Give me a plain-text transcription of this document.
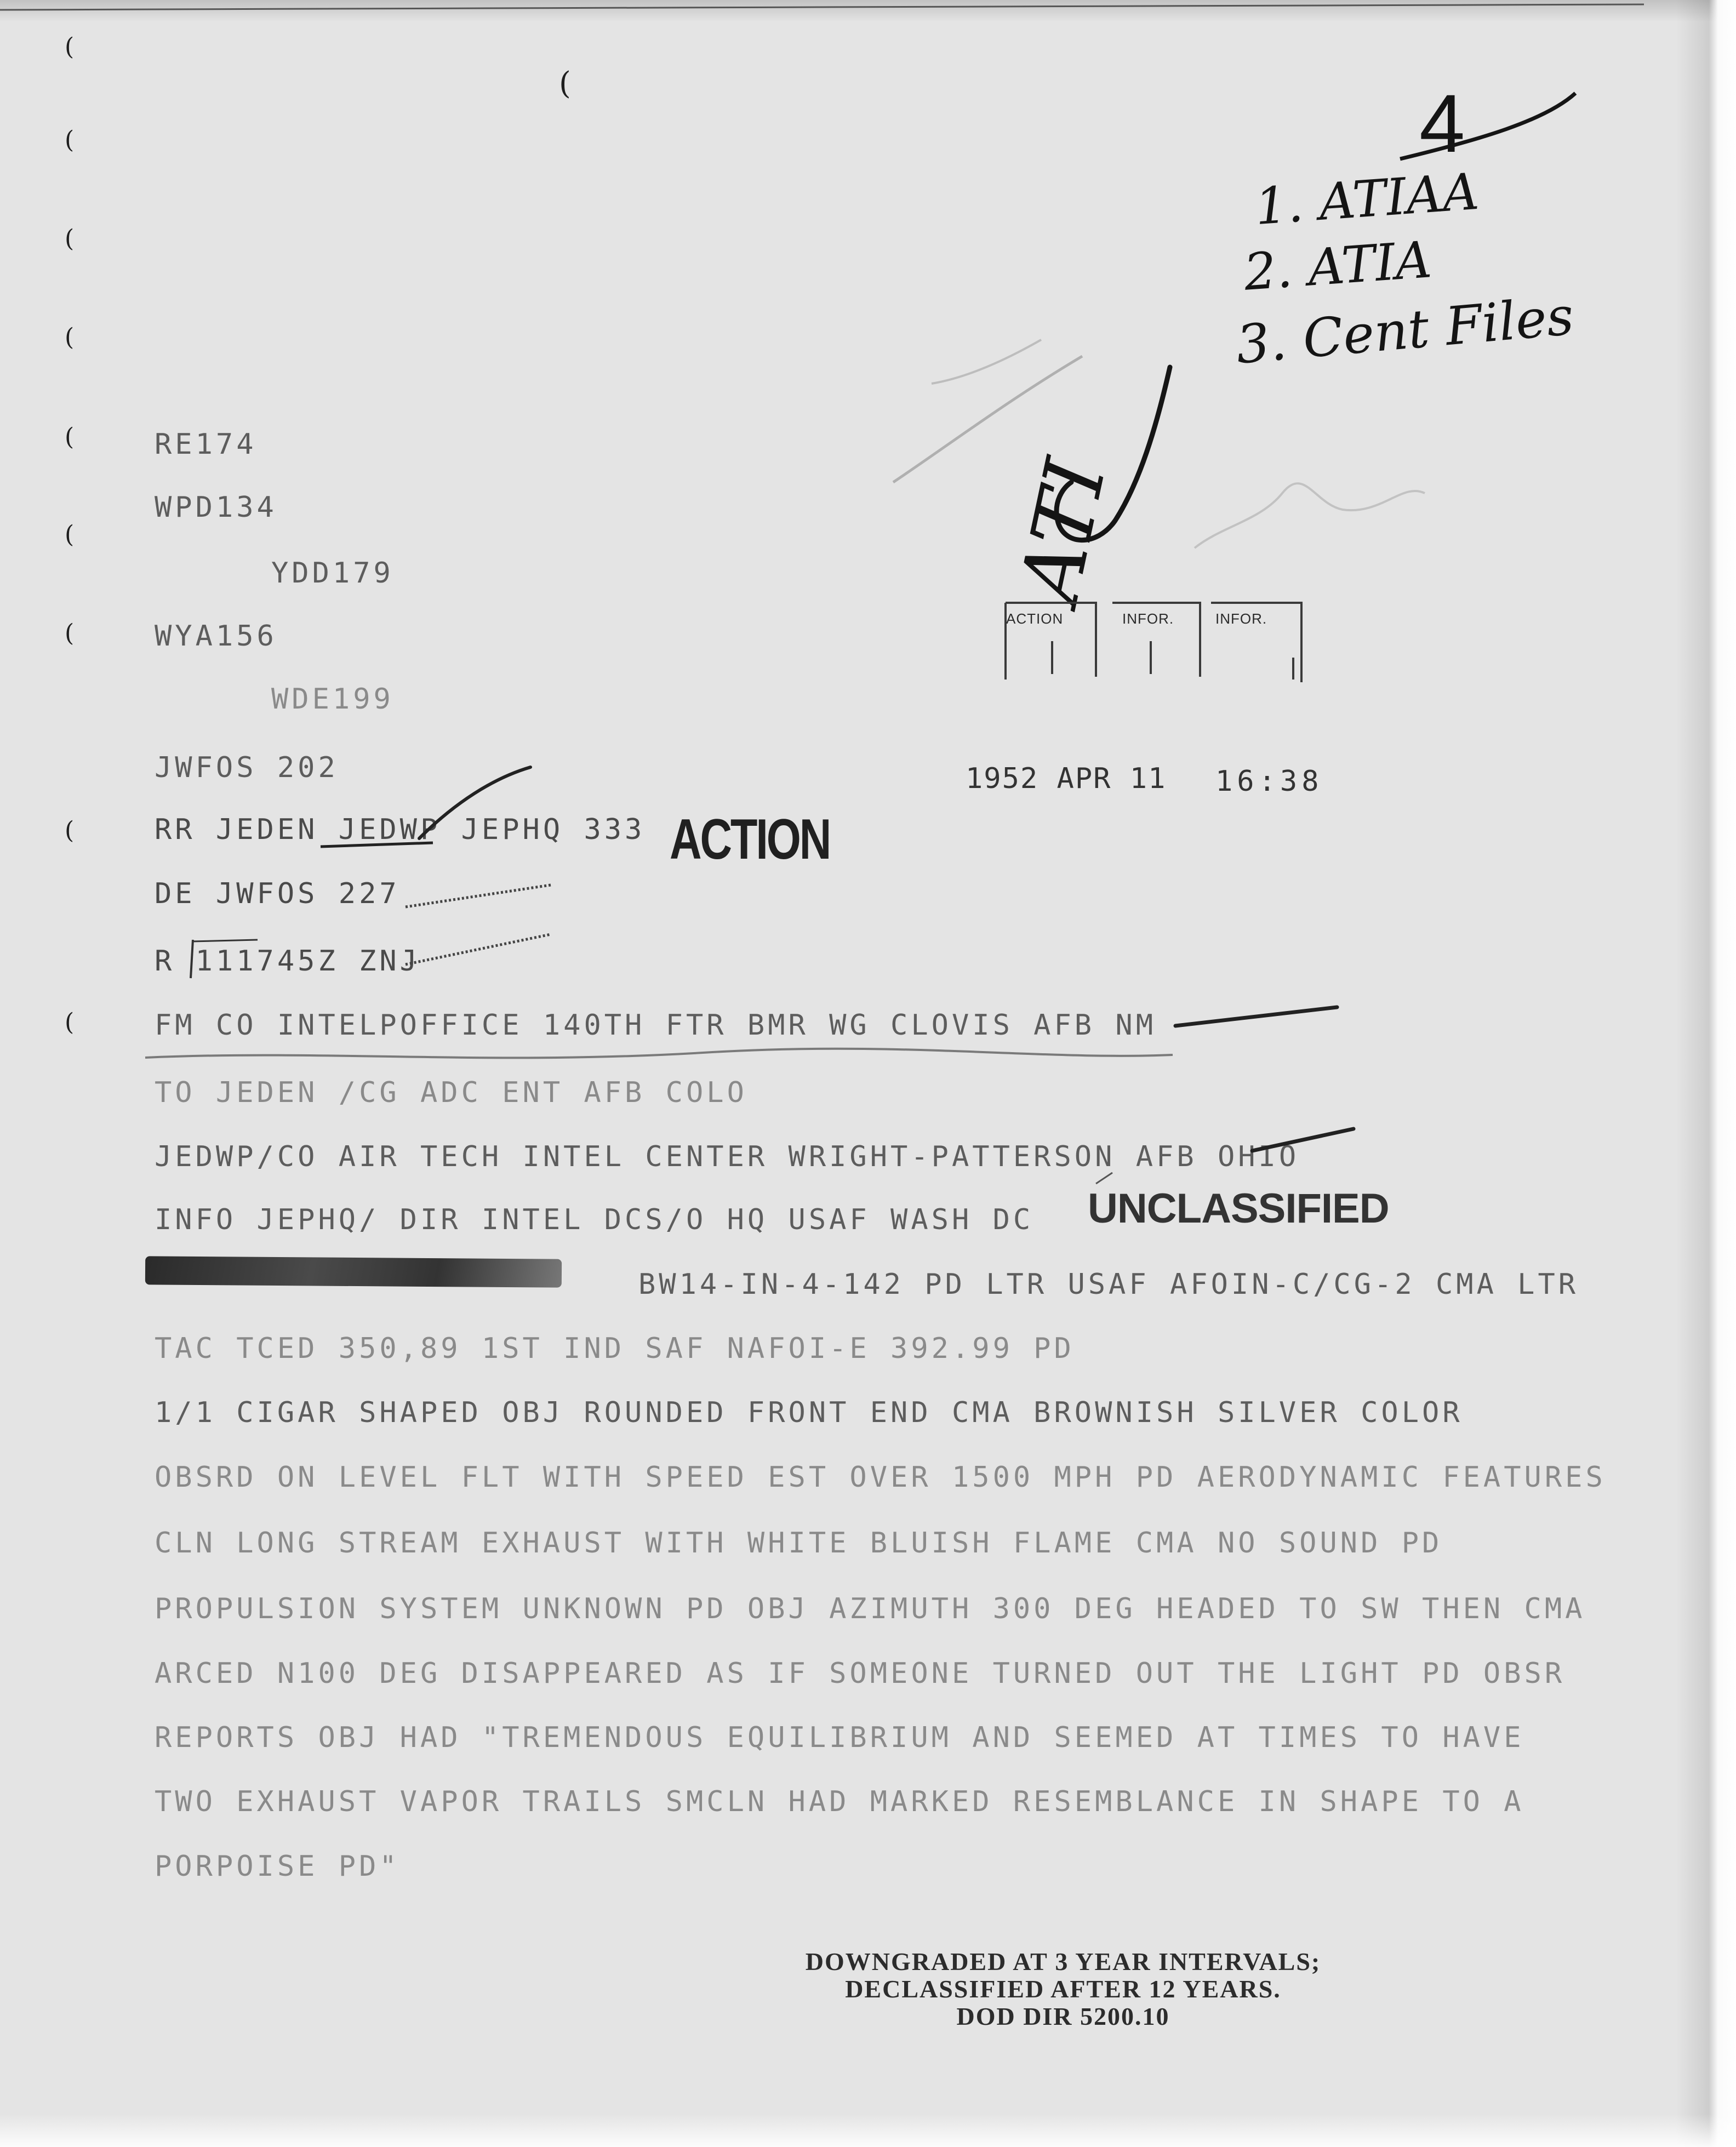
(
(
(
(
(
(
(
(
(
(

RE174

WPD134

YDD179

WYA156

WDE199

JWFOS 202

RR JEDEN JEDWP JEPHQ 333 ACTION

DE JWFOS 227

R 111745Z ZNJ

FM CO INTELPOFFICE 140TH FTR BMR WG CLOVIS AFB NM

TO JEDEN /CG ADC ENT AFB COLO

JEDWP/CO AIR TECH INTEL CENTER WRIGHT-PATTERSON AFB OHIO

INFO JEPHQ/ DIR INTEL DCS/O HQ USAF WASH DC UNCLASSIFIED

BW14-IN-4-142 PD LTR USAF AFOIN-C/CG-2 CMA LTR

TAC TCED 350,89 1ST IND SAF NAFOI-E 392.99 PD

1/1 CIGAR SHAPED OBJ ROUNDED FRONT END CMA BROWNISH SILVER COLOR

OBSRD ON LEVEL FLT WITH SPEED EST OVER 1500 MPH PD AERODYNAMIC FEATURES

CLN LONG STREAM EXHAUST WITH WHITE BLUISH FLAME CMA NO SOUND PD

PROPULSION SYSTEM UNKNOWN PD OBJ AZIMUTH 300 DEG HEADED TO SW THEN CMA

ARCED N100 DEG DISAPPEARED AS IF SOMEONE TURNED OUT THE LIGHT PD OBSR

REPORTS OBJ HAD "TREMENDOUS EQUILIBRIUM AND SEEMED AT TIMES TO HAVE

TWO EXHAUST VAPOR TRAILS SMCLN HAD MARKED RESEMBLANCE IN SHAPE TO A

PORPOISE PD"

1952 APR 11 16:38

ACTION	INFOR.	INFOR.

4

1. ATIAA

2. ATIA

3. Cent Files

ATI

DOWNGRADED AT 3 YEAR INTERVALS;
DECLASSIFIED AFTER 12 YEARS.
DOD DIR 5200.10
